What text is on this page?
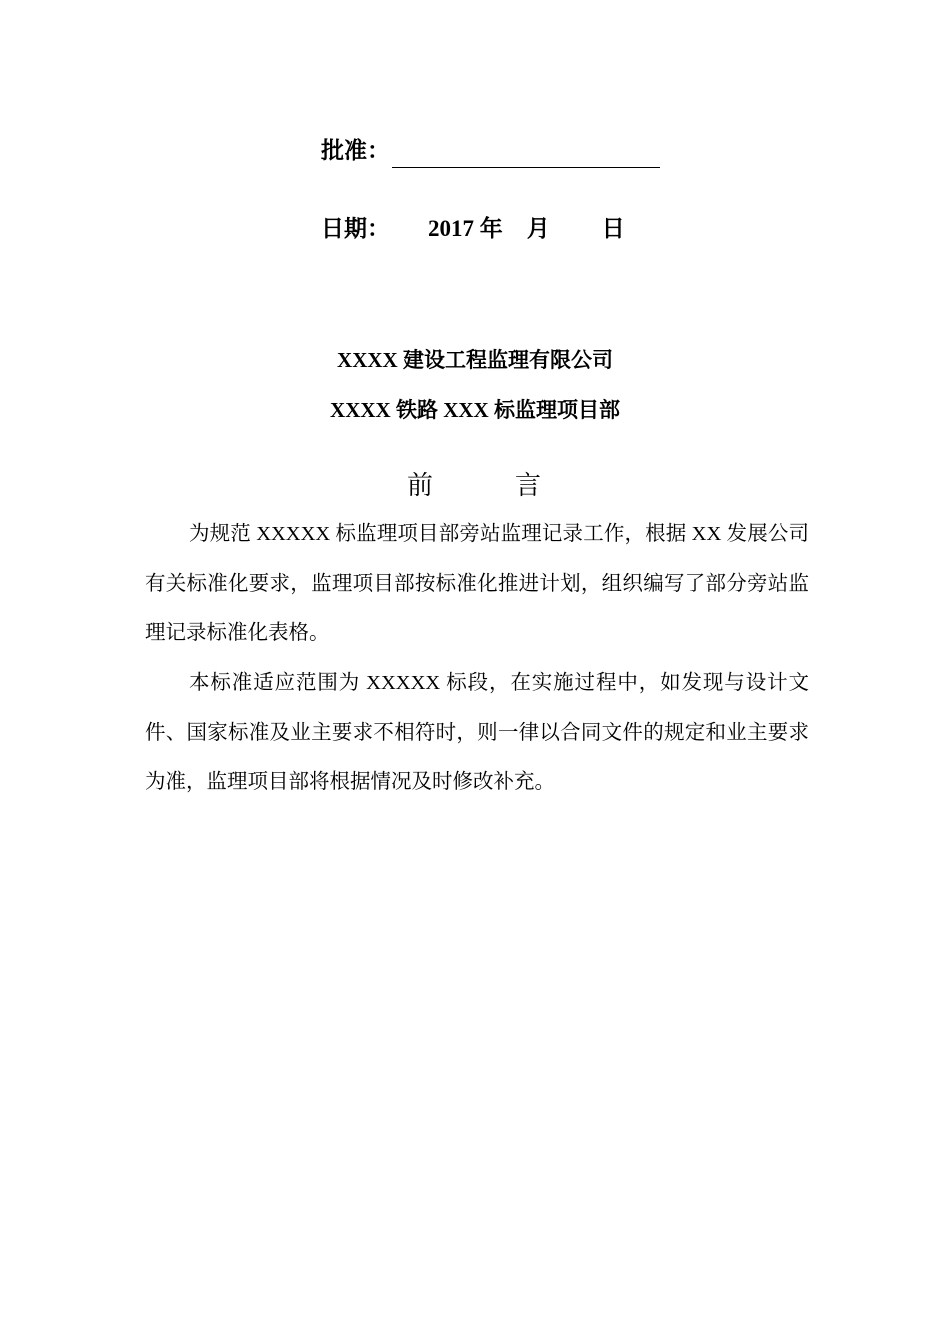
批准：
日期： 2017 年 月 日
XXXX 建设工程监理有限公司
XXXX 铁路 XXX 标监理项目部
前	言

为规范 XXXXX 标监理项目部旁站监理记录工作，根据 XX 发展公司有关标准化要求，监理项目部按标准化推进计划，组织编写了部分旁站监理记录标准化表格。

本标准适应范围为 XXXXX 标段，在实施过程中，如发现与设计文件、国家标准及业主要求不相符时，则一律以合同文件的规定和业主要求为准，监理项目部将根据情况及时修改补充。
